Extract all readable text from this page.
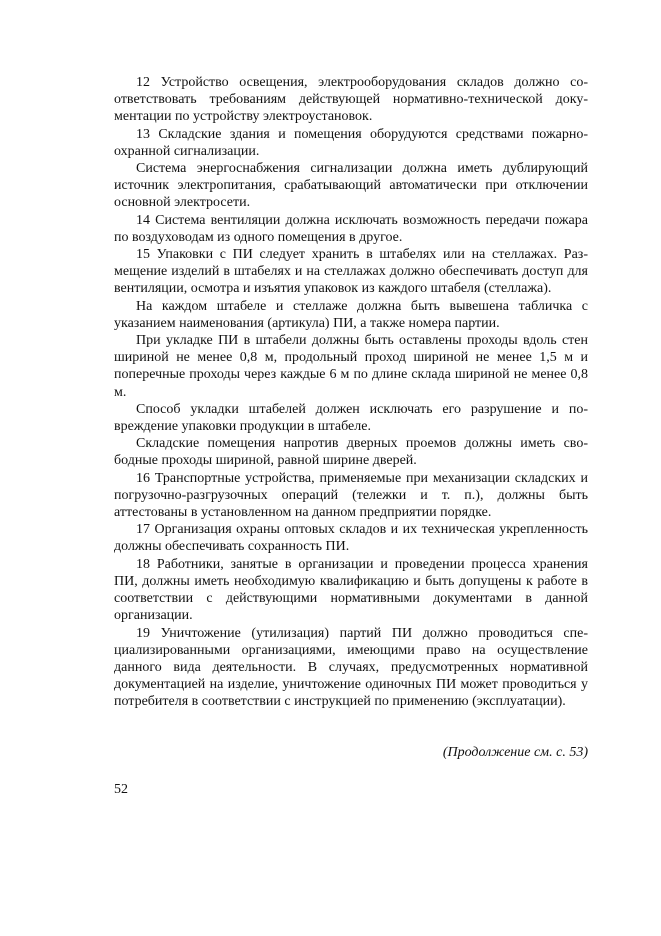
12 Устройство освещения, электрооборудования складов должно соответствовать требованиям действующей нормативно-технической документации по устройству электроустановок.

13 Складские здания и помещения оборудуются средствами пожарноохранной сигнализации.

Система энергоснабжения сигнализации должна иметь дублирующий источник электропитания, срабатывающий автоматически при отключении основной электросети.

14 Система вентиляции должна исключать возможность передачи пожара по воздуховодам из одного помещения в другое.

15 Упаковки с ПИ следует хранить в штабелях или на стеллажах. Размещение изделий в штабелях и на стеллажах должно обеспечивать доступ для вентиляции, осмотра и изъятия упаковок из каждого штабеля (стеллажа).

На каждом штабеле и стеллаже должна быть вывешена табличка с указанием наименования (артикула) ПИ, а также номера партии.

При укладке ПИ в штабели должны быть оставлены проходы вдоль стен шириной не менее 0,8 м, продольный проход шириной не менее 1,5 м и поперечные проходы через каждые 6 м по длине склада шириной не менее 0,8 м.

Способ укладки штабелей должен исключать его разрушение и повреждение упаковки продукции в штабеле.

Складские помещения напротив дверных проемов должны иметь свободные проходы шириной, равной ширине дверей.

16 Транспортные устройства, применяемые при механизации складских и погрузочно-разгрузочных операций (тележки и т. п.), должны быть аттестованы в установленном на данном предприятии порядке.

17 Организация охраны оптовых складов и их техническая укрепленность должны обеспечивать сохранность ПИ.

18 Работники, занятые в организации и проведении процесса хранения ПИ, должны иметь необходимую квалификацию и быть допущены к работе в соответствии с действующими нормативными документами в данной организации.

19 Уничтожение (утилизация) партий ПИ должно проводиться специализированными организациями, имеющими право на осуществление данного вида деятельности. В случаях, предусмотренных нормативной документацией на изделие, уничтожение одиночных ПИ может проводиться у потребителя в соответствии с инструкцией по применению (эксплуатации).

(Продолжение см. с. 53)

52
